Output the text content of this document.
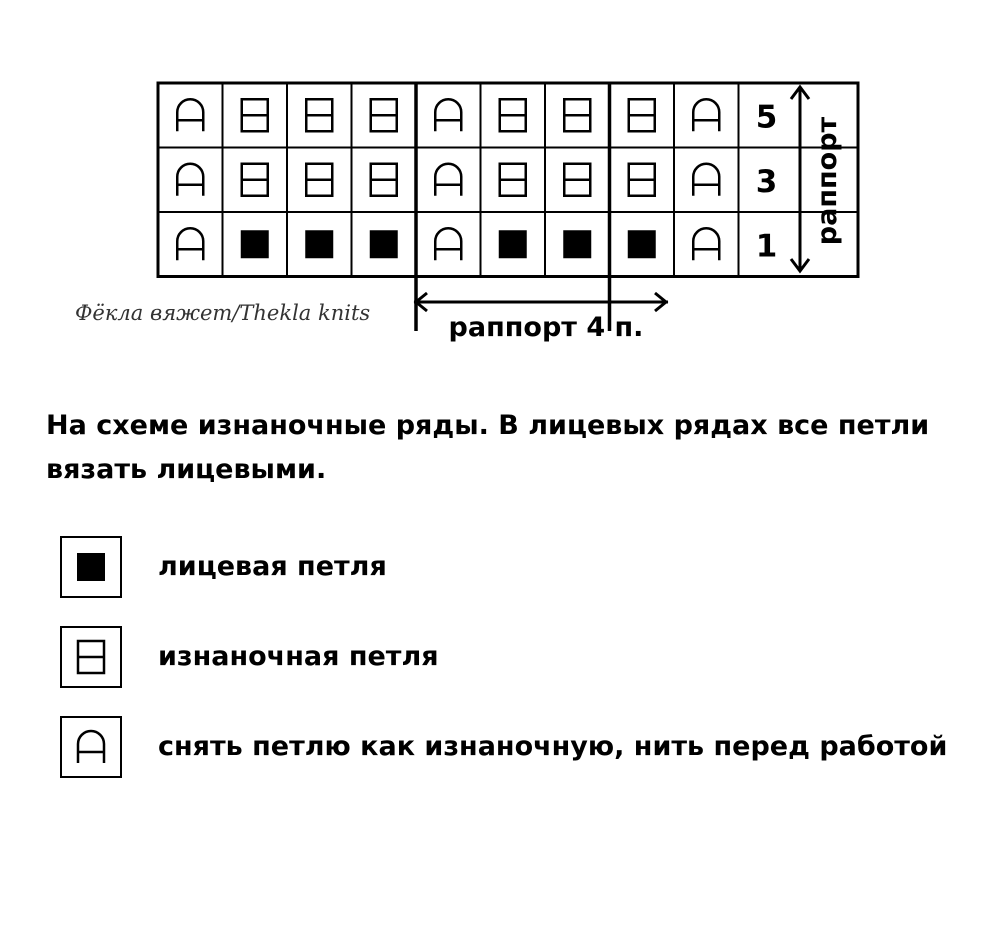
5
3
1
раппорт
раппорт 4 п.
Фёкла вяжет/Thekla knits
На схеме изнаночные ряды. В лицевых рядах все петли вязать лицевыми.
лицевая петля
изнаночная петля
снять петлю как изнаночную, нить перед работой
